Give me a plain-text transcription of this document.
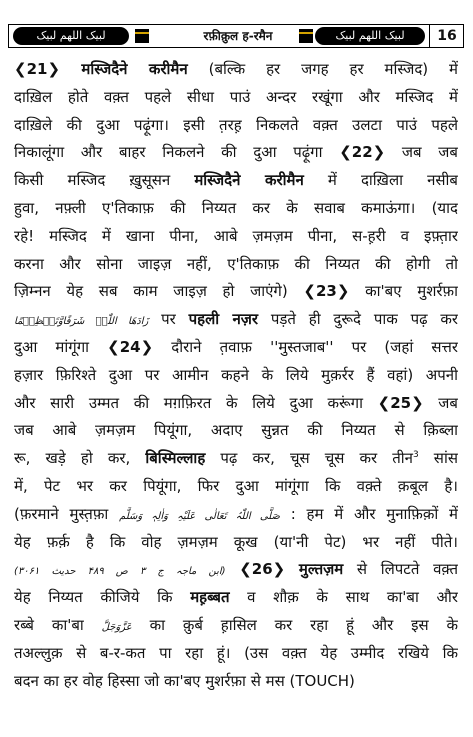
لبیک اللھم لبیک	रफ़ीक़ुल ह-रमैन	لبیک اللھم لبیک	16
❮21❯ मस्जिदैने करीमैन (बल्कि हर जगह हर मस्जिद) में
दाख़िल होते वक़्त पहले सीधा पाउं अन्दर रखूंगा और मस्जिद में
दाख़िले की दुआ पढ़ूंगा। इसी त़रह़ निकलते वक़्त उलटा पाउं पहले
निकालूंगा और बाहर निकलने की दुआ पढ़ूंगा ❮22❯ जब जब
किसी मस्जिद ख़ुसूसन मस्जिदैने करीमैन में दाख़िला नसीब
हुवा, नफ़्ली ए'तिकाफ़ की निय्यत कर के सवाब कमाऊंगा। (याद
रहे! मस्जिद में खाना पीना, आबे ज़मज़म पीना, स-ह़री व इफ़्त़ार
करना और सोना जाइज़ नहीं, ए'तिकाफ़ की निय्यत की होगी तो
ज़िम्नन येह सब काम जाइज़ हो जाएंगे) ❮23❯ का'बए मुशर्रफ़ा
زَادَھَا اللّٰہُ شَرَفًاوَّتَعۡظِیۡمًا पर पहली नज़र पड़ते ही दुरूदे पाक पढ़ कर
दुआ मांगूंगा ❮24❯ दौराने त़वाफ़ ''मुस्तजाब'' पर (जहां सत्तर
हज़ार फ़िरिश्ते दुआ पर आमीन कहने के लिये मुक़र्रर हैं वहां) अपनी
और सारी उम्मत की मग़फ़िरत के लिये दुआ करूंगा ❮25❯ जब
जब आबे ज़मज़म पियूंगा, अदाए सुन्नत की निय्यत से क़िब्ला
रू, खड़े हो कर, बिस्मिल्लाह पढ़ कर, चूस चूस कर तीन$^3$ सांस
में, पेट भर कर पियूंगा, फिर दुआ मांगूंगा कि वक़्ते क़बूल है।
(फ़रमाने मुस्त़फ़ा صَلَّی اللّٰہُ تَعَالٰی عَلَیْہِ وَاٰلِہٖ وَسَلَّم : हम में और मुनाफ़िक़ों में
येह फ़र्क़ है कि वोह ज़मज़म कूख (या'नी पेट) भर नहीं पीते।
(ابن ماجہ ج ۳ ص ۴۸۹ حدیث ۳۰۶۱) ❮26❯ मुल्तज़म से लिपटते वक़्त
येह निय्यत कीजिये कि मह़ब्बत व शौक़ के साथ का'बा और
रब्बे का'बा عَزَّوَجَلَّ का क़ुर्ब ह़ासिल कर रहा हूं और इस के
तअल्लुक़ से ब-र-कत पा रहा हूं। (उस वक़्त येह उम्मीद रखिये कि
बदन का हर वोह हिस्सा जो का'बए मुशर्रफ़ा से मस (TOUCH)
